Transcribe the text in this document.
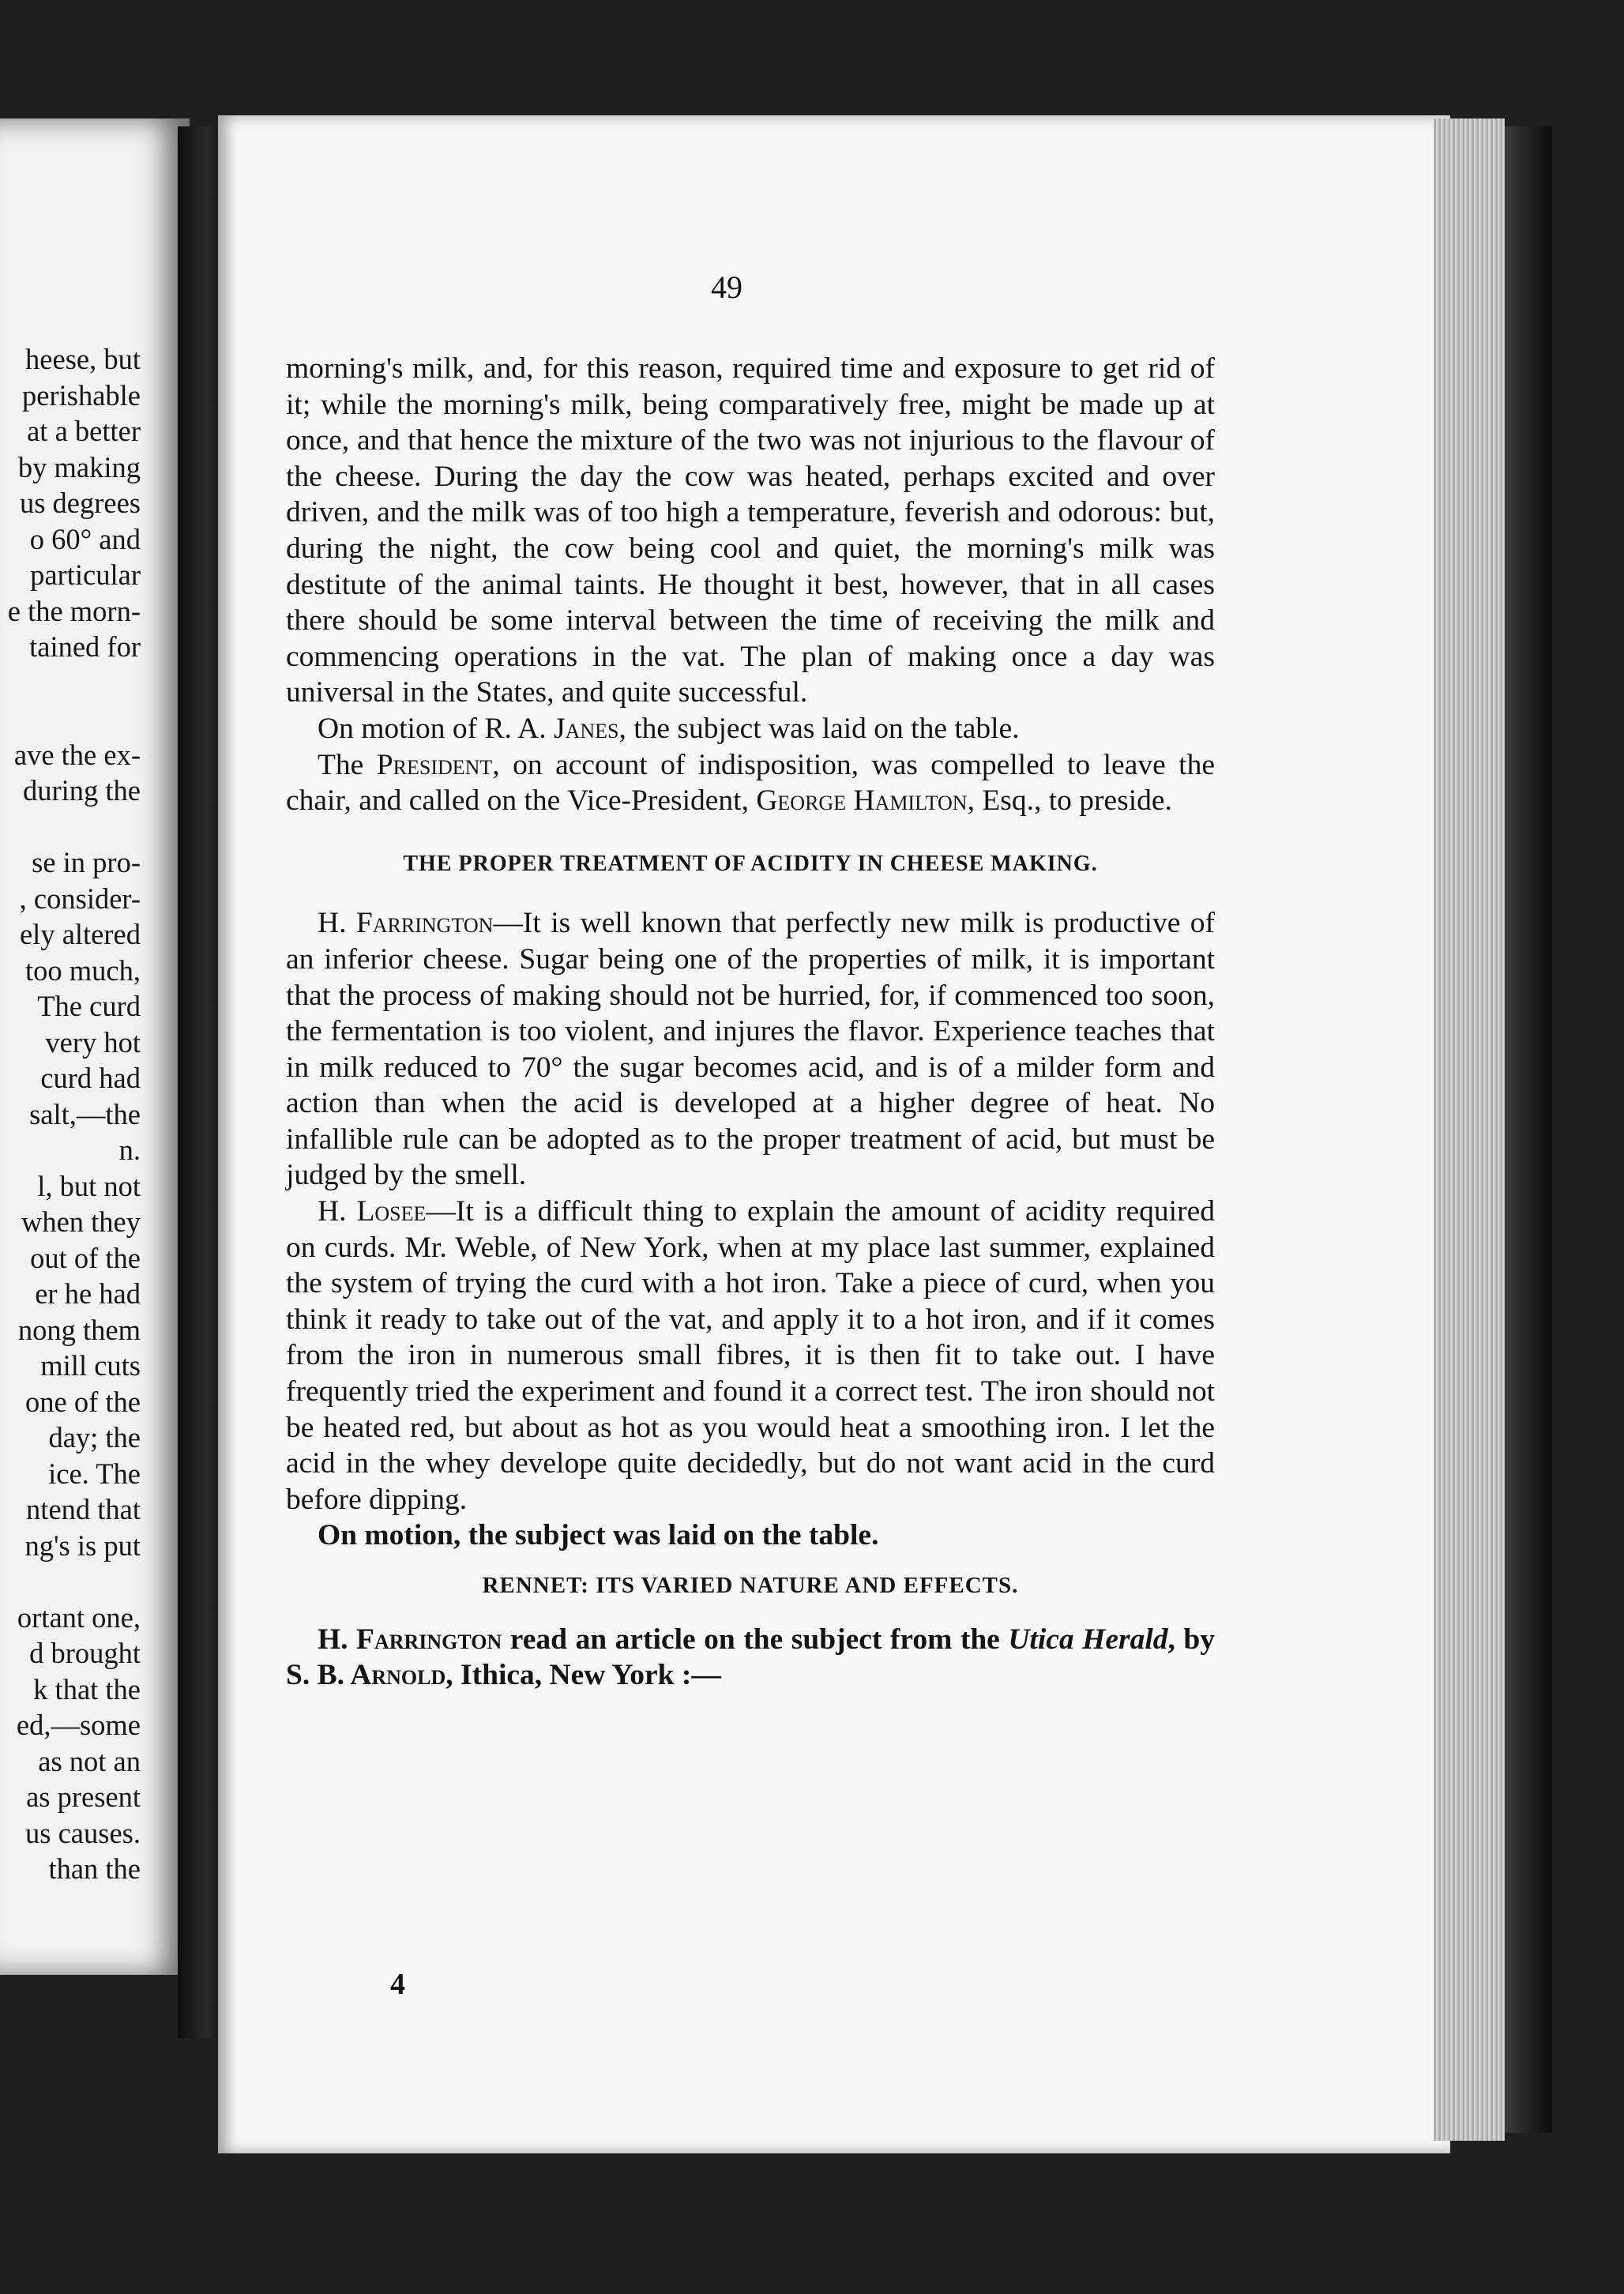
heese, but
perishable
at a better
by making
us degrees
o 60° and
particular
e the morn-
tained for
ave the ex-
during the
se in pro-
, consider-
ely altered
too much,
The curd
very hot
curd had
salt,—the
n.
l, but not
when they
out of the
er he had
nong them
mill cuts
one of the
day; the
ice. The
ntend that
ng's is put
ortant one,
d brought
k that the
ed,—some
as not an
as present
us causes.
than the

49

morning's milk, and, for this reason, required time and exposure to get rid of it; while the morning's milk, being comparatively free, might be made up at once, and that hence the mixture of the two was not injurious to the flavour of the cheese. During the day the cow was heated, perhaps excited and over driven, and the milk was of too high a temperature, feverish and odorous: but, during the night, the cow being cool and quiet, the morning's milk was destitute of the animal taints. He thought it best, however, that in all cases there should be some interval between the time of receiving the milk and commencing operations in the vat. The plan of making once a day was universal in the States, and quite successful.

On motion of R. A. Janes, the subject was laid on the table.

The President, on account of indisposition, was compelled to leave the chair, and called on the Vice-President, George Hamilton, Esq., to preside.

THE PROPER TREATMENT OF ACIDITY IN CHEESE MAKING.

H. Farrington—It is well known that perfectly new milk is productive of an inferior cheese. Sugar being one of the properties of milk, it is important that the process of making should not be hurried, for, if commenced too soon, the fermentation is too violent, and injures the flavor. Experience teaches that in milk reduced to 70° the sugar becomes acid, and is of a milder form and action than when the acid is developed at a higher degree of heat. No infallible rule can be adopted as to the proper treatment of acid, but must be judged by the smell.

H. Losee—It is a difficult thing to explain the amount of acidity required on curds. Mr. Weble, of New York, when at my place last summer, explained the system of trying the curd with a hot iron. Take a piece of curd, when you think it ready to take out of the vat, and apply it to a hot iron, and if it comes from the iron in numerous small fibres, it is then fit to take out. I have frequently tried the experiment and found it a correct test. The iron should not be heated red, but about as hot as you would heat a smoothing iron. I let the acid in the whey develope quite decidedly, but do not want acid in the curd before dipping.

On motion, the subject was laid on the table.

RENNET: ITS VARIED NATURE AND EFFECTS.

H. Farrington read an article on the subject from the Utica Herald, by S. B. Arnold, Ithica, New York :—

4
